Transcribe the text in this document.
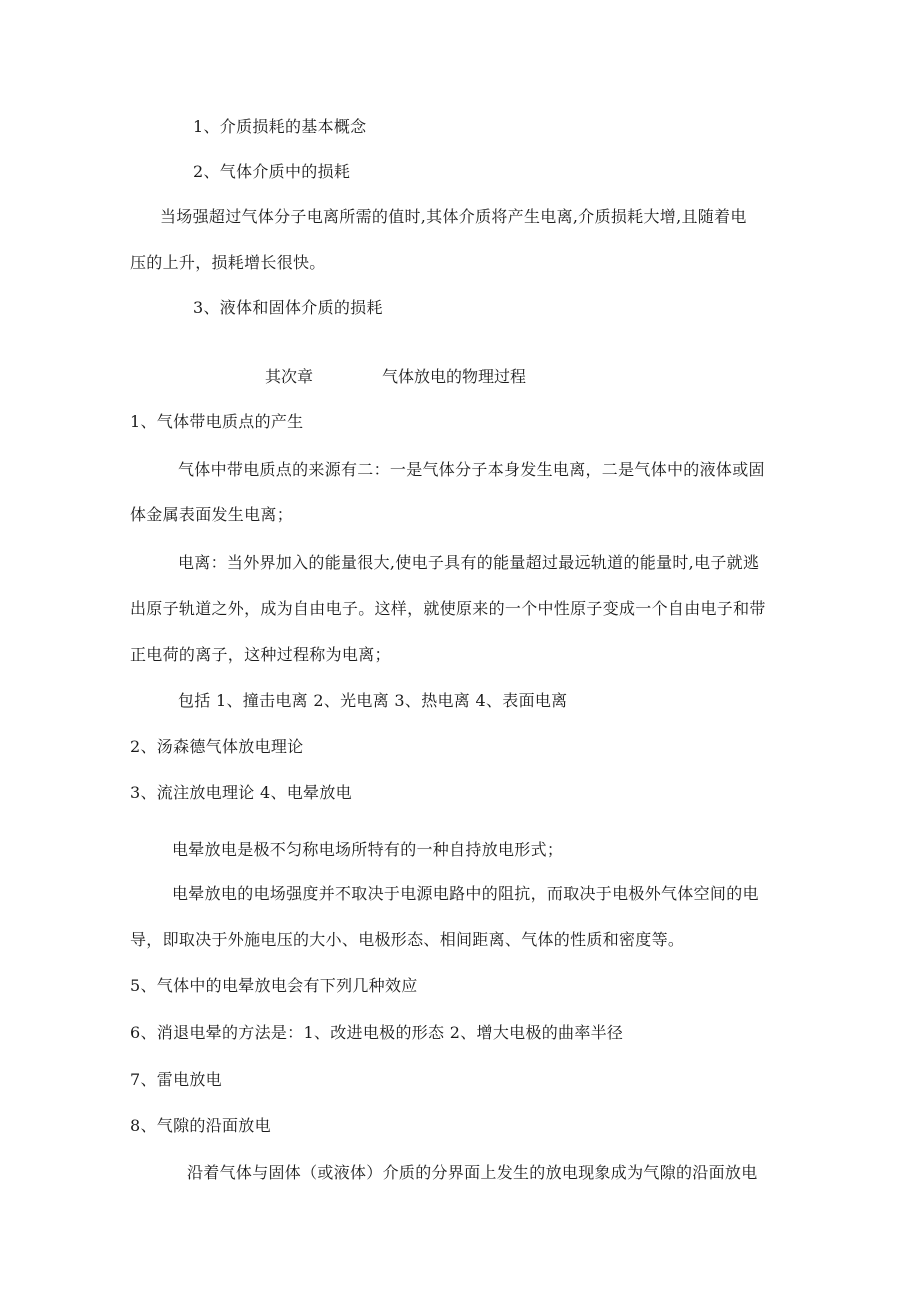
1、介质损耗的基本概念
2、气体介质中的损耗
当场强超过气体分子电离所需的值时,其体介质将产生电离,介质损耗大增,且随着电
压的上升，损耗增长很快。
3、液体和固体介质的损耗
其次章	气体放电的物理过程
1、气体带电质点的产生
气体中带电质点的来源有二：一是气体分子本身发生电离，二是气体中的液体或固
体金属表面发生电离；
电离：当外界加入的能量很大,使电子具有的能量超过最远轨道的能量时,电子就逃
出原子轨道之外，成为自由电子。这样，就使原来的一个中性原子变成一个自由电子和带
正电荷的离子，这种过程称为电离；
包括 1、撞击电离 2、光电离 3、热电离 4、表面电离
2、汤森德气体放电理论
3、流注放电理论 4、电晕放电
电晕放电是极不匀称电场所特有的一种自持放电形式；
电晕放电的电场强度并不取决于电源电路中的阻抗，而取决于电极外气体空间的电
导，即取决于外施电压的大小、电极形态、相间距离、气体的性质和密度等。
5、气体中的电晕放电会有下列几种效应
6、消退电晕的方法是：1、改进电极的形态 2、增大电极的曲率半径
7、雷电放电
8、气隙的沿面放电
沿着气体与固体（或液体）介质的分界面上发生的放电现象成为气隙的沿面放电
